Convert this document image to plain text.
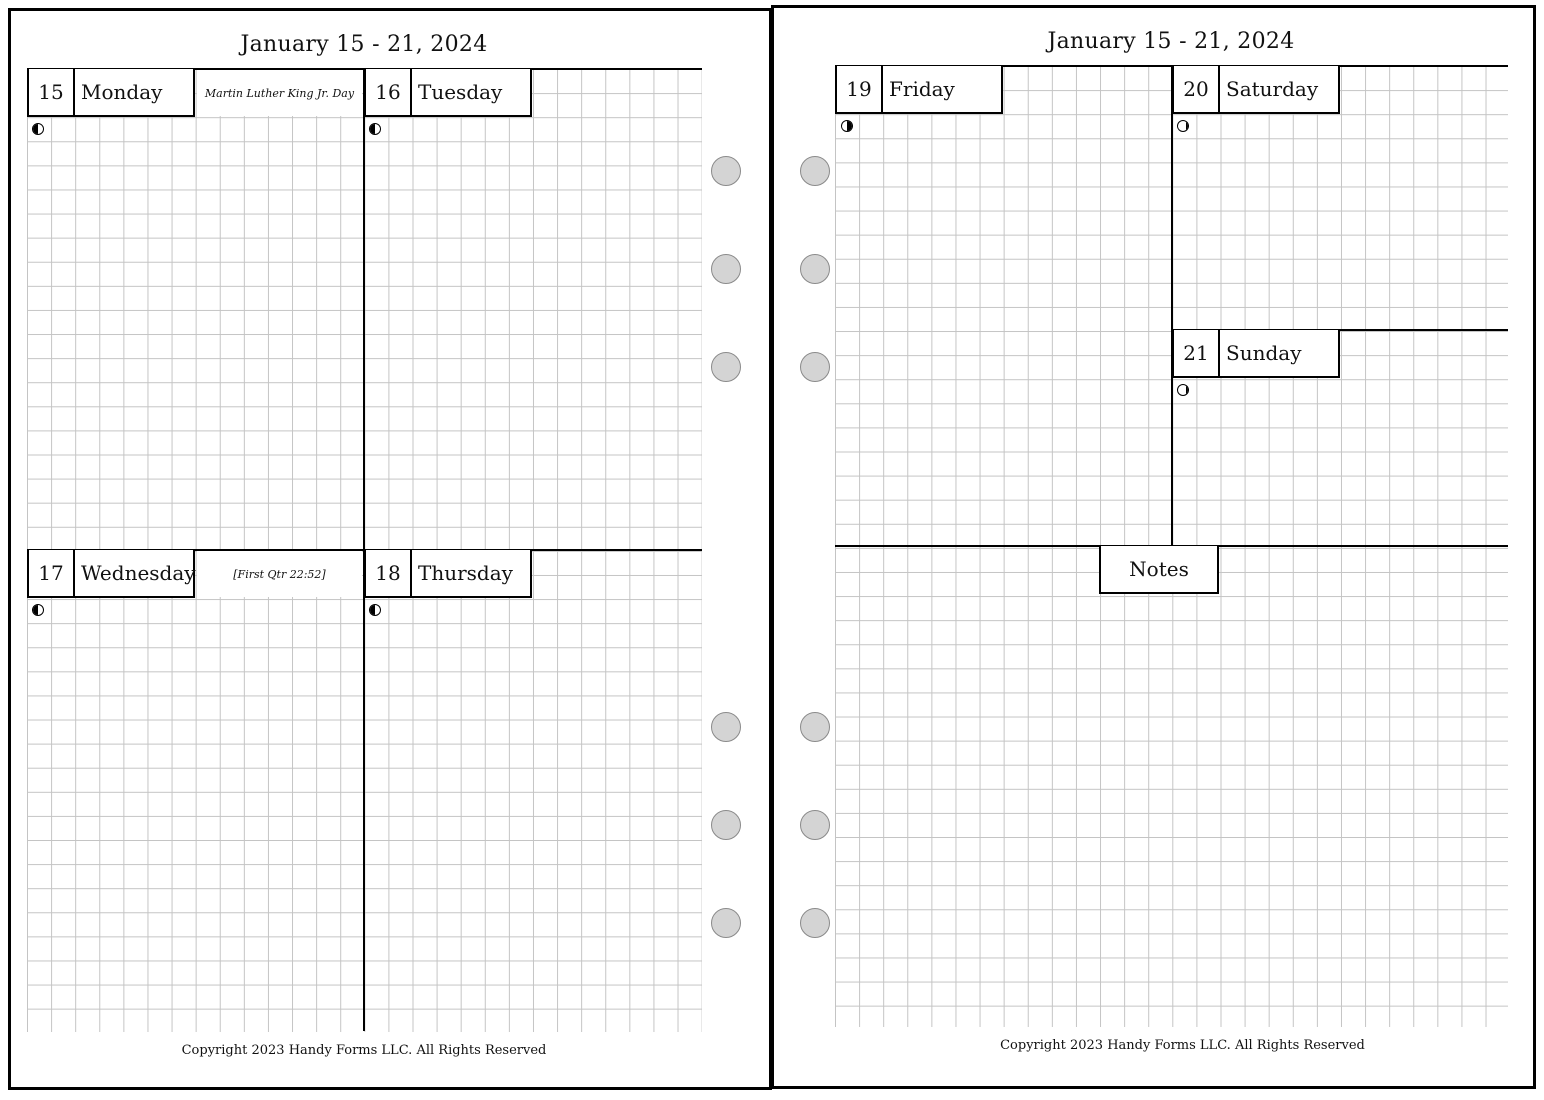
January 15 - 21, 2024
15 Monday	Martin Luther King Jr. Day	16 Tuesday
17 Wednesday	[First Qtr 22:52]	18 Thursday
Copyright 2023 Handy Forms LLC. All Rights Reserved
January 15 - 21, 2024
19 Friday	20 Saturday
21 Sunday
Notes
Copyright 2023 Handy Forms LLC. All Rights Reserved
